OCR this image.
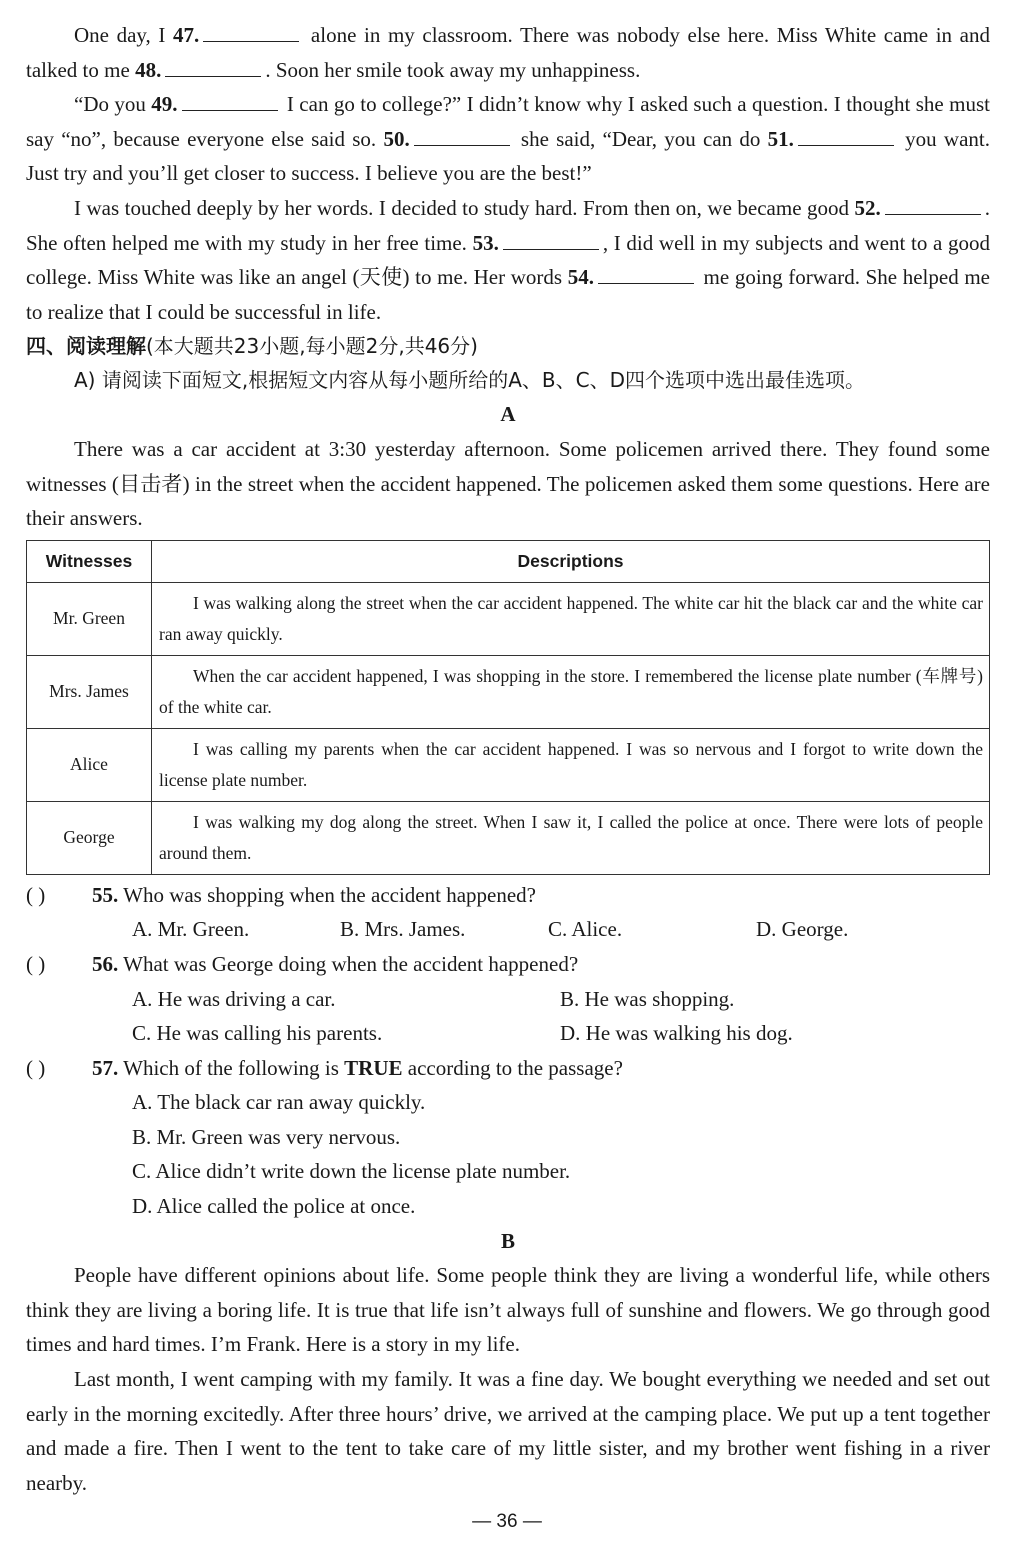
One day, I 47.	alone in my classroom. There was nobody else here. Miss White came in and talked to me 48.	. Soon her smile took away my unhappiness.

“Do you 49.	I can go to college?” I didn’t know why I asked such a question. I thought she must say “no”, because everyone else said so. 50.	she said, “Dear, you can do 51.	you want. Just try and you’ll get closer to success. I believe you are the best!”

I was touched deeply by her words. I decided to study hard. From then on, we became good 52.	. She often helped me with my study in her free time. 53.	, I did well in my subjects and went to a good college. Miss White was like an angel (天使) to me. Her words 54.	me going forward. She helped me to realize that I could be successful in life.

四、阅读理解(本大题共23小题,每小题2分,共46分)

A) 请阅读下面短文,根据短文内容从每小题所给的A、B、C、D四个选项中选出最佳选项。

A

There was a car accident at 3:30 yesterday afternoon. Some policemen arrived there. They found some witnesses (目击者) in the street when the accident happened. The policemen asked them some questions. Here are their answers.

Witnesses	Descriptions
Mr. Green	I was walking along the street when the car accident happened. The white car hit the black car and the white car ran away quickly.

Mrs. James	When the car accident happened, I was shopping in the store. I remembered the license plate number (车牌号) of the white car.

Alice	I was calling my parents when the car accident happened. I was so nervous and I forgot to write down the license plate number.

George	I was walking my dog along the street. When I saw it, I called the police at once. There were lots of people around them.
( ) 55. Who was shopping when the accident happened?
A. Mr. Green.	B. Mrs. James.	C. Alice.	D. George.
( ) 56. What was George doing when the accident happened?
A. He was driving a car.	B. He was shopping.
C. He was calling his parents.	D. He was walking his dog.
( ) 57. Which of the following is TRUE according to the passage?
A. The black car ran away quickly.
B. Mr. Green was very nervous.
C. Alice didn’t write down the license plate number.
D. Alice called the police at once.

B

People have different opinions about life. Some people think they are living a wonderful life, while others think they are living a boring life. It is true that life isn’t always full of sunshine and flowers. We go through good times and hard times. I’m Frank. Here is a story in my life.

Last month, I went camping with my family. It was a fine day. We bought everything we needed and set out early in the morning excitedly. After three hours’ drive, we arrived at the camping place. We put up a tent together and made a fire. Then I went to the tent to take care of my little sister, and my brother went fishing in a river nearby.

— 36 —
